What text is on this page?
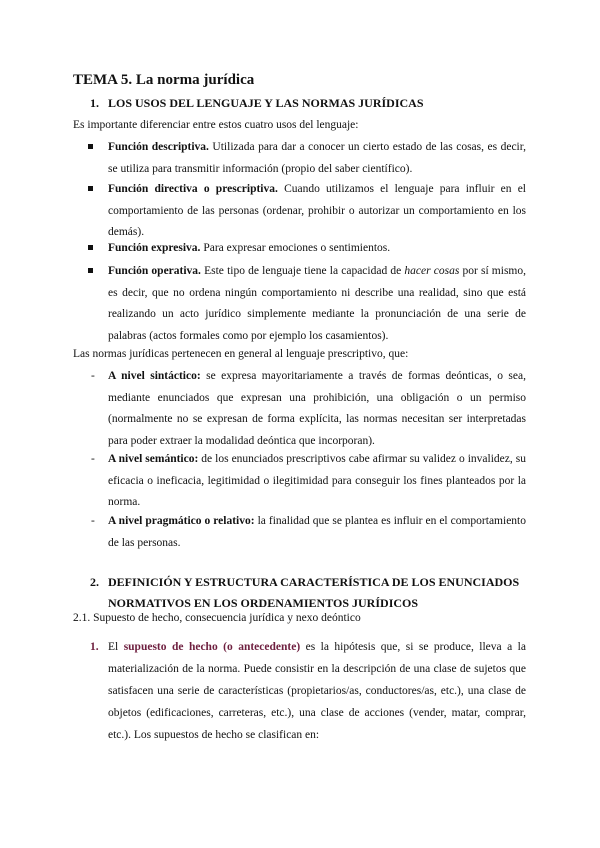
TEMA 5. La norma jurídica
1. LOS USOS DEL LENGUAJE Y LAS NORMAS JURÍDICAS
Es importante diferenciar entre estos cuatro usos del lenguaje:
Función descriptiva. Utilizada para dar a conocer un cierto estado de las cosas, es decir, se utiliza para transmitir información (propio del saber científico).
Función directiva o prescriptiva. Cuando utilizamos el lenguaje para influir en el comportamiento de las personas (ordenar, prohibir o autorizar un comportamiento en los demás).
Función expresiva. Para expresar emociones o sentimientos.
Función operativa. Este tipo de lenguaje tiene la capacidad de hacer cosas por sí mismo, es decir, que no ordena ningún comportamiento ni describe una realidad, sino que está realizando un acto jurídico simplemente mediante la pronunciación de una serie de palabras (actos formales como por ejemplo los casamientos).
Las normas jurídicas pertenecen en general al lenguaje prescriptivo, que:
- A nivel sintáctico: se expresa mayoritariamente a través de formas deónticas, o sea, mediante enunciados que expresan una prohibición, una obligación o un permiso (normalmente no se expresan de forma explícita, las normas necesitan ser interpretadas para poder extraer la modalidad deóntica que incorporan).
- A nivel semántico: de los enunciados prescriptivos cabe afirmar su validez o invalidez, su eficacia o ineficacia, legitimidad o ilegitimidad para conseguir los fines planteados por la norma.
- A nivel pragmático o relativo: la finalidad que se plantea es influir en el comportamiento de las personas.
2. DEFINICIÓN Y ESTRUCTURA CARACTERÍSTICA DE LOS ENUNCIADOS NORMATIVOS EN LOS ORDENAMIENTOS JURÍDICOS
2.1. Supuesto de hecho, consecuencia jurídica y nexo deóntico
1. El supuesto de hecho (o antecedente) es la hipótesis que, si se produce, lleva a la materialización de la norma. Puede consistir en la descripción de una clase de sujetos que satisfacen una serie de características (propietarios/as, conductores/as, etc.), una clase de objetos (edificaciones, carreteras, etc.), una clase de acciones (vender, matar, comprar, etc.). Los supuestos de hecho se clasifican en:
